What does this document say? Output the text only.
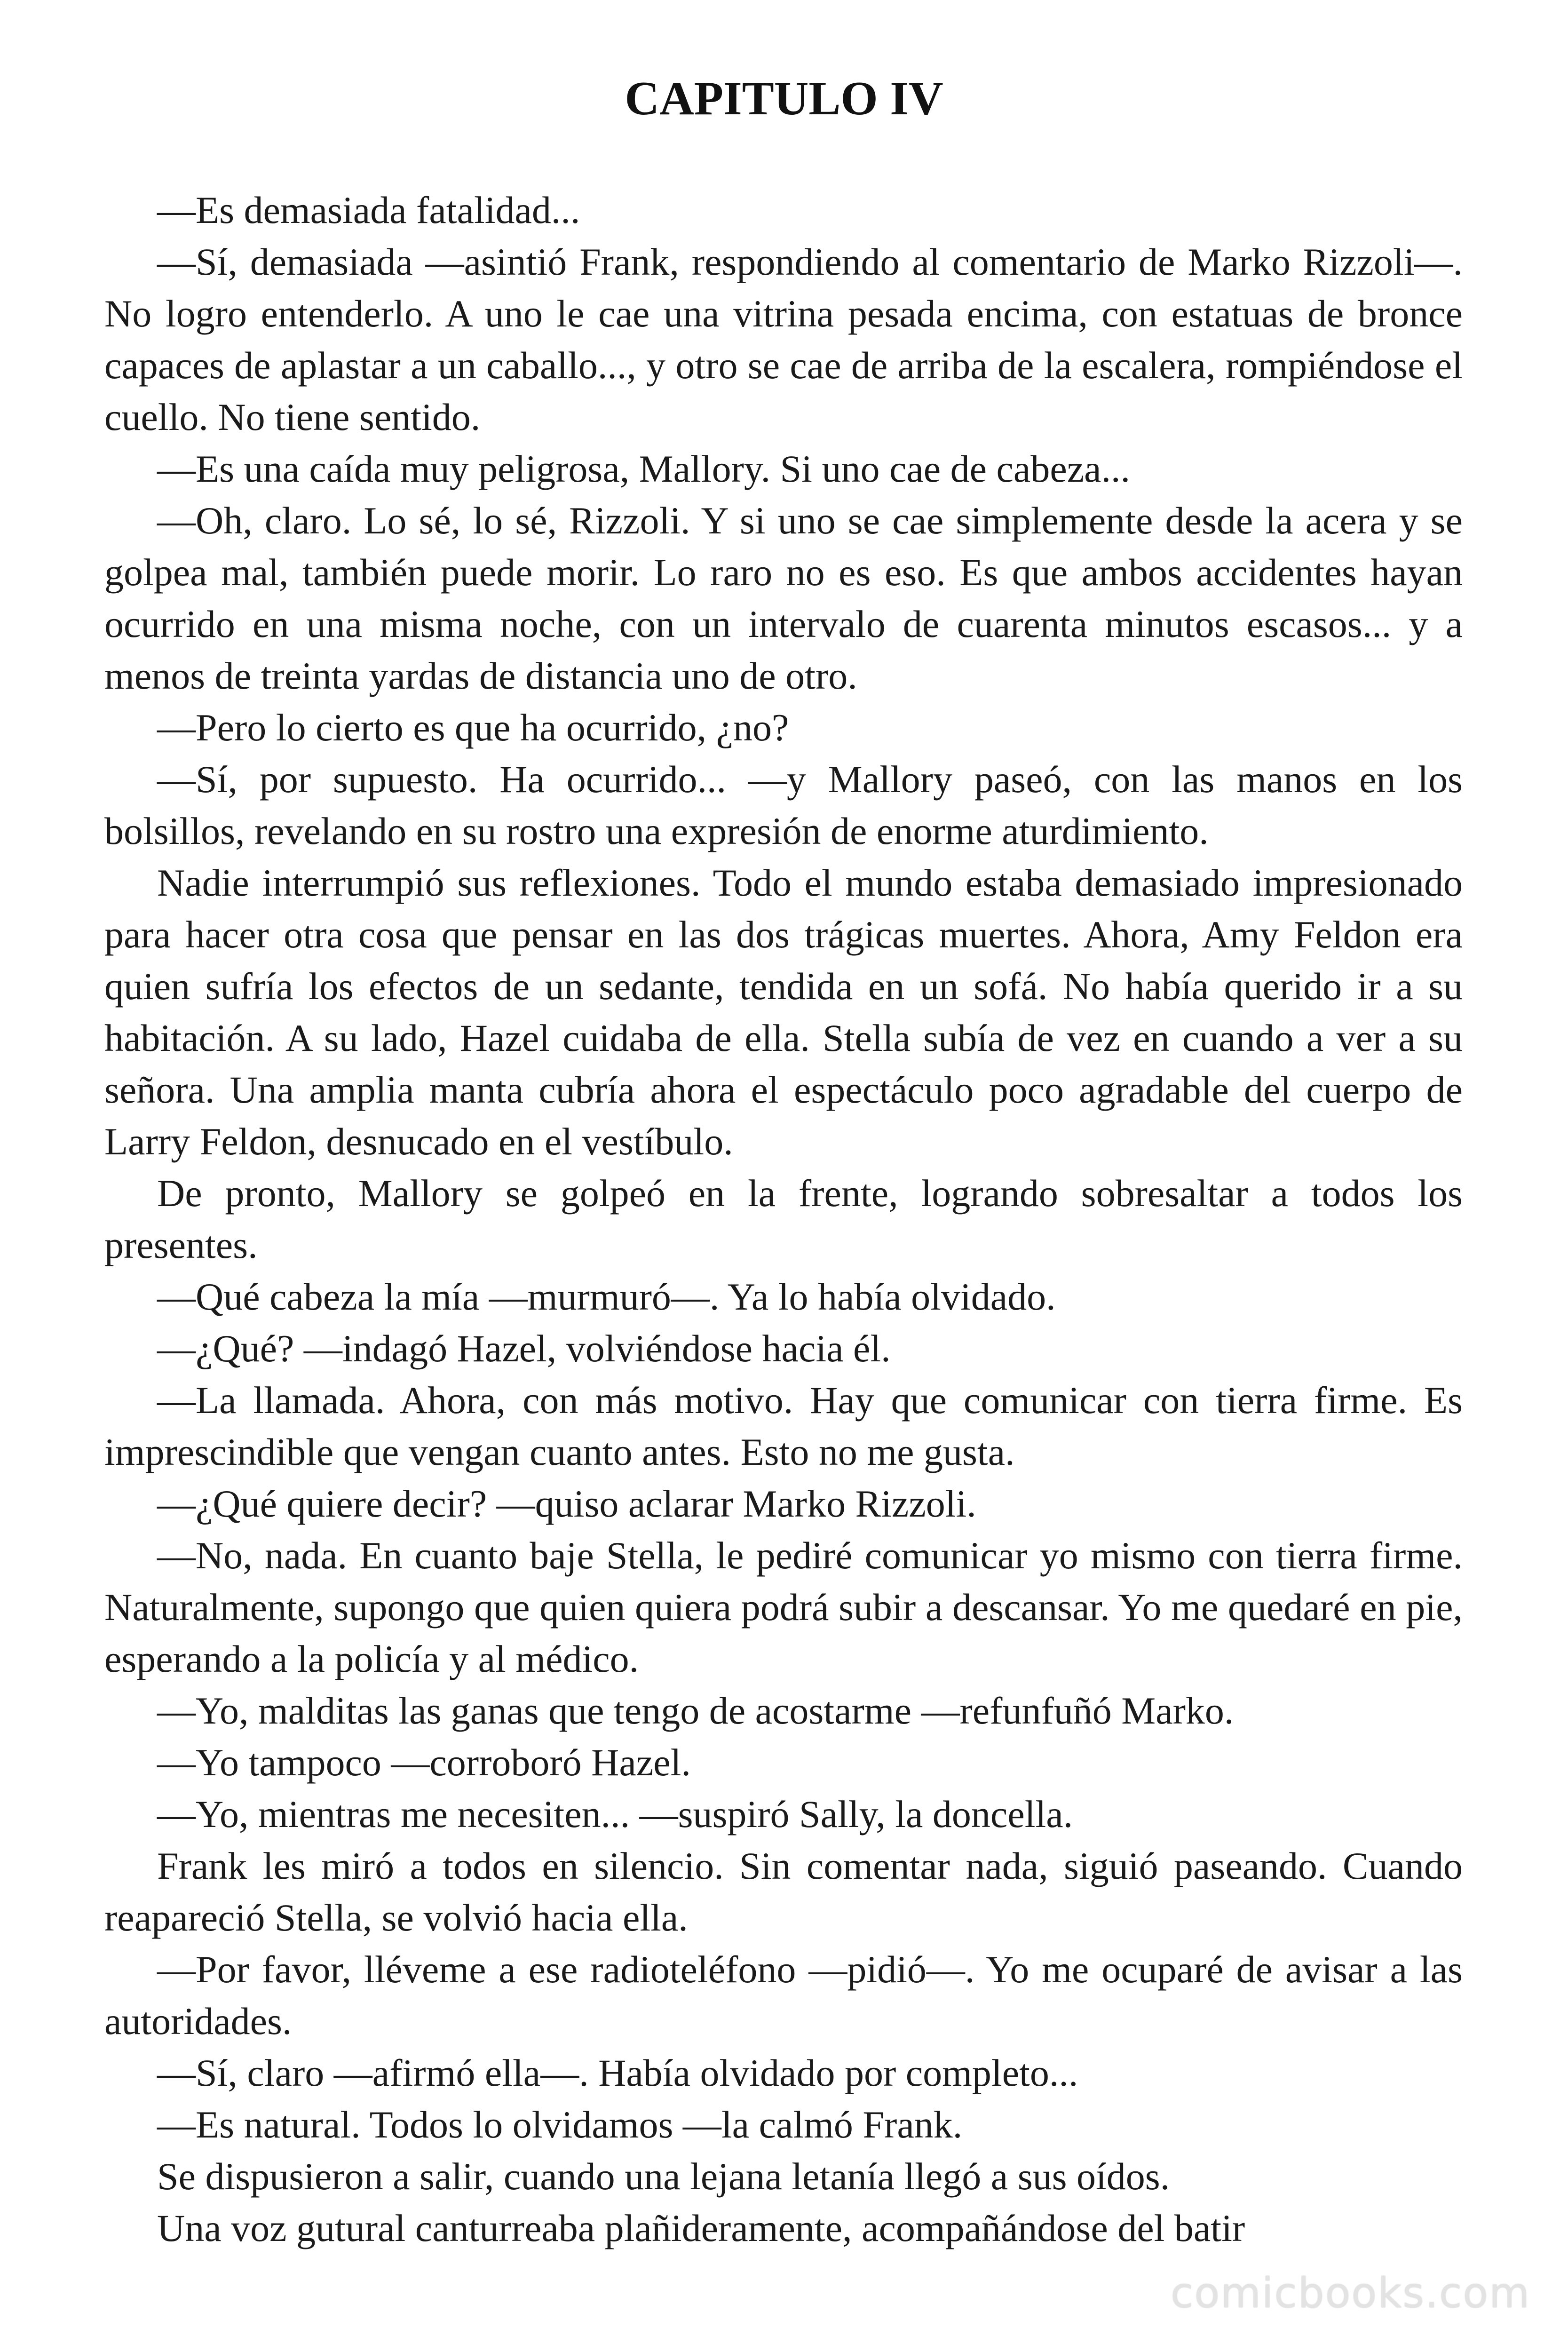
CAPITULO IV

—Es demasiada fatalidad...

—Sí, demasiada —asintió Frank, respondiendo al comentario de Marko Rizzoli—. No logro entenderlo. A uno le cae una vitrina pesada encima, con estatuas de bronce capaces de aplastar a un caballo..., y otro se cae de arriba de la escalera, rompiéndose el cuello. No tiene sentido.

—Es una caída muy peligrosa, Mallory. Si uno cae de cabeza...

—Oh, claro. Lo sé, lo sé, Rizzoli. Y si uno se cae simplemente desde la acera y se golpea mal, también puede morir. Lo raro no es eso. Es que ambos accidentes hayan ocurrido en una misma noche, con un intervalo de cuarenta minutos escasos... y a menos de treinta yardas de distancia uno de otro.

—Pero lo cierto es que ha ocurrido, ¿no?

—Sí, por supuesto. Ha ocurrido... —y Mallory paseó, con las manos en los bolsillos, revelando en su rostro una expresión de enorme aturdimiento.

Nadie interrumpió sus reflexiones. Todo el mundo estaba demasiado impresionado para hacer otra cosa que pensar en las dos trágicas muertes. Ahora, Amy Feldon era quien sufría los efectos de un sedante, tendida en un sofá. No había querido ir a su habitación. A su lado, Hazel cuidaba de ella. Stella subía de vez en cuando a ver a su señora. Una amplia manta cubría ahora el espectáculo poco agradable del cuerpo de Larry Feldon, desnucado en el vestíbulo.

De pronto, Mallory se golpeó en la frente, logrando sobresaltar a todos los presentes.

—Qué cabeza la mía —murmuró—. Ya lo había olvidado.

—¿Qué? —indagó Hazel, volviéndose hacia él.

—La llamada. Ahora, con más motivo. Hay que comunicar con tierra firme. Es imprescindible que vengan cuanto antes. Esto no me gusta.

—¿Qué quiere decir? —quiso aclarar Marko Rizzoli.

—No, nada. En cuanto baje Stella, le pediré comunicar yo mismo con tierra firme. Naturalmente, supongo que quien quiera podrá subir a descansar. Yo me quedaré en pie, esperando a la policía y al médico.

—Yo, malditas las ganas que tengo de acostarme —refunfuñó Marko.

—Yo tampoco —corroboró Hazel.

—Yo, mientras me necesiten... —suspiró Sally, la doncella.

Frank les miró a todos en silencio. Sin comentar nada, siguió paseando. Cuando reapareció Stella, se volvió hacia ella.

—Por favor, lléveme a ese radioteléfono —pidió—. Yo me ocuparé de avisar a las autoridades.

—Sí, claro —afirmó ella—. Había olvidado por completo...

—Es natural. Todos lo olvidamos —la calmó Frank.

Se dispusieron a salir, cuando una lejana letanía llegó a sus oídos.

Una voz gutural canturreaba plañideramente, acompañándose del batir

comicbooks.com
